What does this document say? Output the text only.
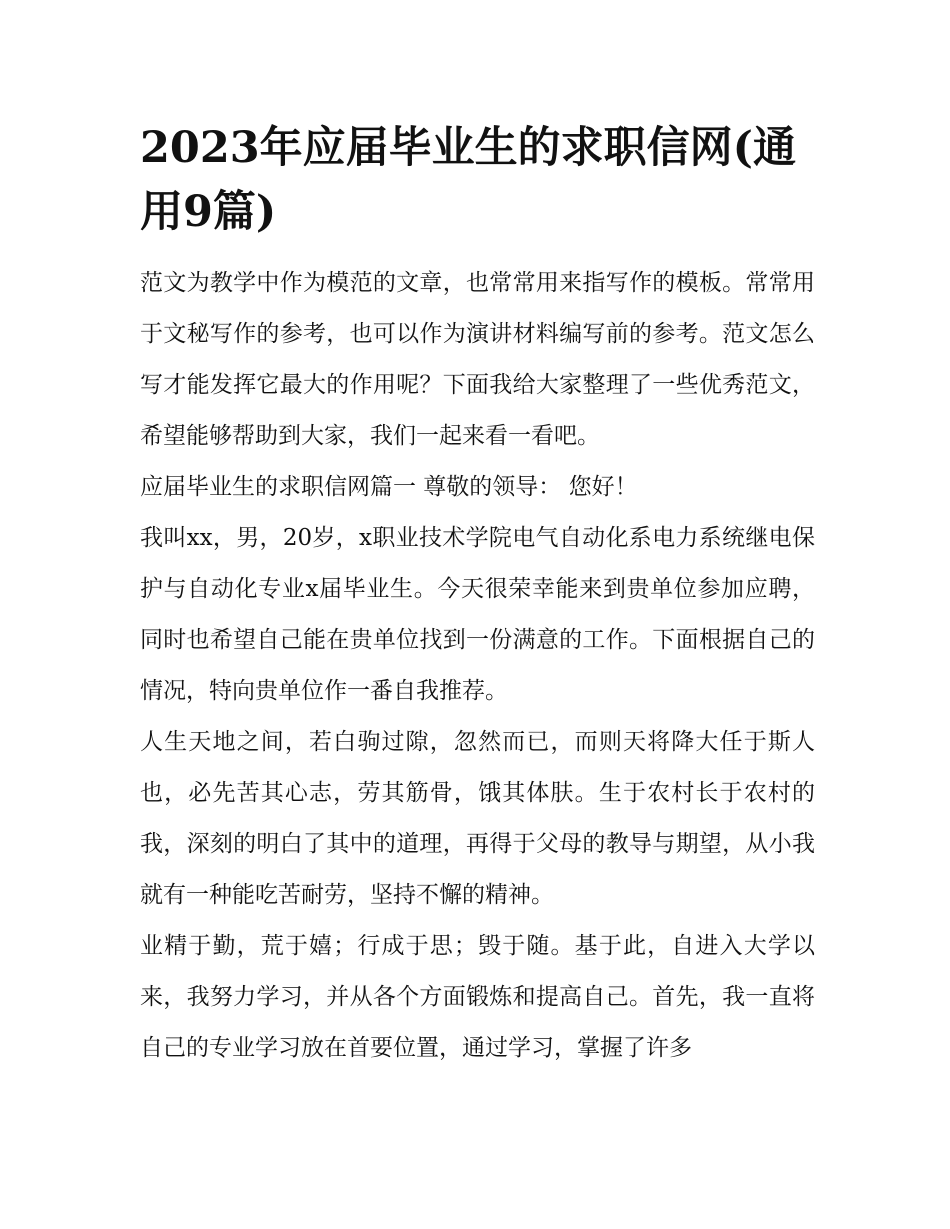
2023年应届毕业生的求职信网(通用9篇)
范文为教学中作为模范的文章，也常常用来指写作的模板。常常用于文秘写作的参考，也可以作为演讲材料编写前的参考。范文怎么写才能发挥它最大的作用呢？下面我给大家整理了一些优秀范文，希望能够帮助到大家，我们一起来看一看吧。
应届毕业生的求职信网篇一 尊敬的领导： 您好！
我叫xx，男，20岁，x职业技术学院电气自动化系电力系统继电保护与自动化专业x届毕业生。今天很荣幸能来到贵单位参加应聘，同时也希望自己能在贵单位找到一份满意的工作。下面根据自己的情况，特向贵单位作一番自我推荐。
人生天地之间，若白驹过隙，忽然而已，而则天将降大任于斯人也，必先苦其心志，劳其筋骨，饿其体肤。生于农村长于农村的我，深刻的明白了其中的道理，再得于父母的教导与期望，从小我就有一种能吃苦耐劳，坚持不懈的精神。
业精于勤，荒于嬉；行成于思；毁于随。基于此，自进入大学以来，我努力学习，并从各个方面锻炼和提高自己。首先，我一直将自己的专业学习放在首要位置，通过学习，掌握了许多
